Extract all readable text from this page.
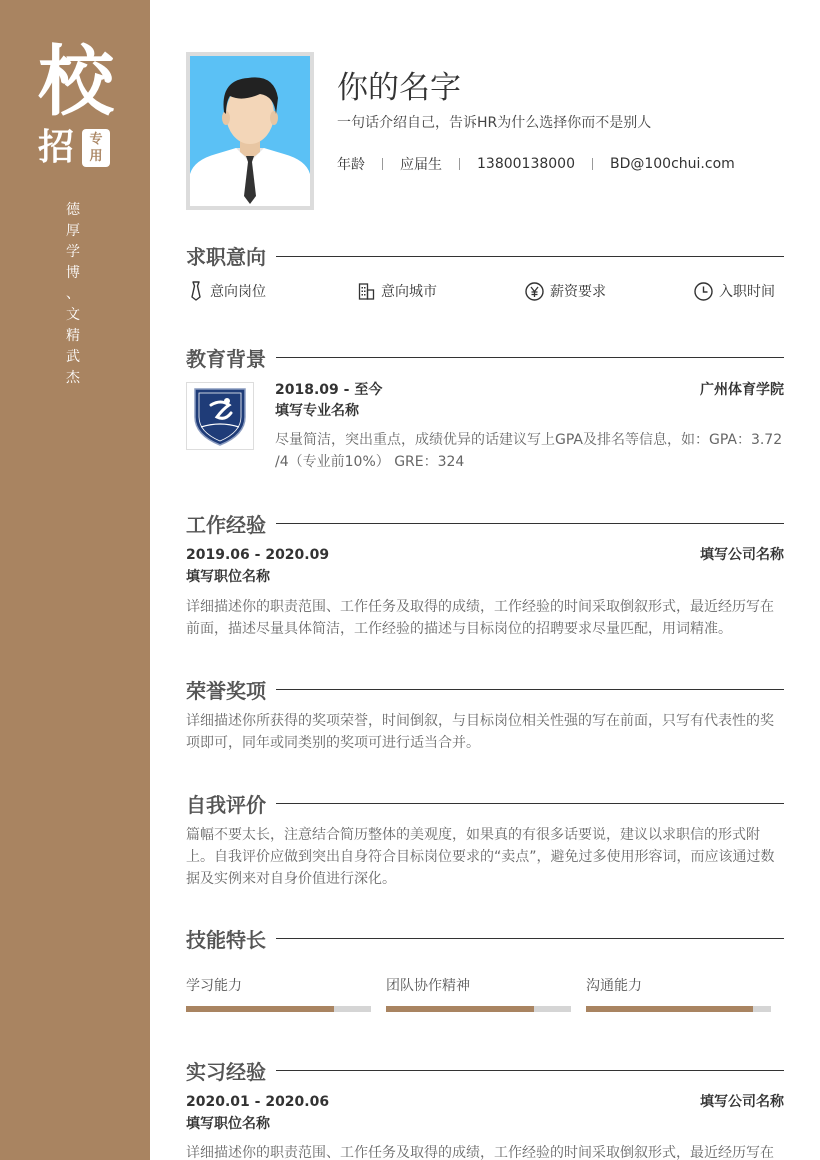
校
招	专
用
德
厚
学
博
、
文
精
武
杰
你的名字
一句话介绍自己，告诉HR为什么选择你而不是别人
年龄	应届生	13800138000	BD@100chui.com
求职意向
意向岗位	意向城市	薪资要求	入职时间
教育背景
2018.09 - 至今	广州体育学院
填写专业名称
尽量简洁，突出重点，成绩优异的话建议写上GPA及排名等信息，如：GPA：3.72 /4（专业前10%） GRE：324
工作经验
2019.06 - 2020.09	填写公司名称
填写职位名称
详细描述你的职责范围、工作任务及取得的成绩，工作经验的时间采取倒叙形式，最近经历写在前面，描述尽量具体简洁，工作经验的描述与目标岗位的招聘要求尽量匹配，用词精准。
荣誉奖项
详细描述你所获得的奖项荣誉，时间倒叙，与目标岗位相关性强的写在前面，只写有代表性的奖项即可，同年或同类别的奖项可进行适当合并。
自我评价
篇幅不要太长，注意结合简历整体的美观度，如果真的有很多话要说，建议以求职信的形式附上。自我评价应做到突出自身符合目标岗位要求的“卖点”，避免过多使用形容词，而应该通过数据及实例来对自身价值进行深化。
技能特长
学习能力	团队协作精神	沟通能力
实习经验
2020.01 - 2020.06	填写公司名称
填写职位名称
详细描述你的职责范围、工作任务及取得的成绩，工作经验的时间采取倒叙形式，最近经历写在
